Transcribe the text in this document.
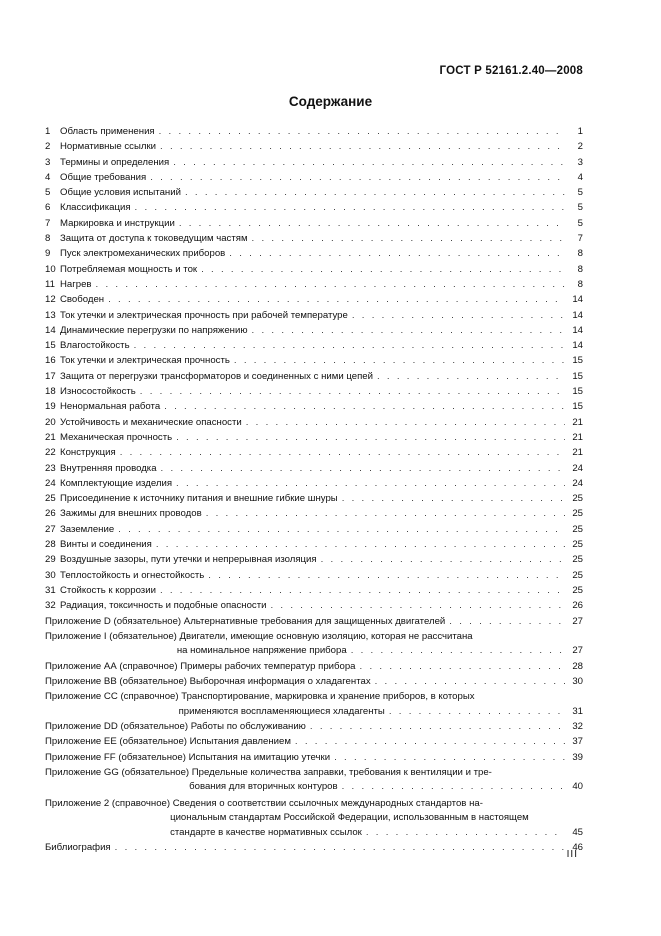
ГОСТ Р 52161.2.40—2008
Содержание
1	Область применения . . .	1
2	Нормативные ссылки . . .	2
3	Термины и определения . . .	3
4	Общие требования . . .	4
5	Общие условия испытаний . . .	5
6	Классификация . . .	5
7	Маркировка и инструкции . . .	5
8	Защита от доступа к токоведущим частям . . .	7
9	Пуск электромеханических приборов . . .	8
10 Потребляемая мощность и ток . . .	8
11 Нагрев . . .	8
12 Свободен . . .	14
13 Ток утечки и электрическая прочность при рабочей температуре . . .	14
14 Динамические перегрузки по напряжению . . .	14
15 Влагостойкость . . .	14
16 Ток утечки и электрическая прочность . . .	15
17 Защита от перегрузки трансформаторов и соединенных с ними цепей . . .	15
18 Износостойкость . . .	15
19 Ненормальная работа . . .	15
20 Устойчивость и механические опасности . . .	21
21 Механическая прочность . . .	21
22 Конструкция . . .	21
23 Внутренняя проводка . . .	24
24 Комплектующие изделия . . .	24
25 Присоединение к источнику питания и внешние гибкие шнуры . . .	25
26 Зажимы для внешних проводов . . .	25
27 Заземление . . .	25
28 Винты и соединения . . .	25
29 Воздушные зазоры, пути утечки и непрерывная изоляция . . .	25
30 Теплостойкость и огнестойкость . . .	25
31 Стойкость к коррозии . . .	25
32 Радиация, токсичность и подобные опасности . . .	26
Приложение D (обязательное) Альтернативные требования для защищенных двигателей . . .	27
Приложение I (обязательное) Двигатели, имеющие основную изоляцию, которая не рассчитана
на номинальное напряжение прибора . . .	27
Приложение АА (справочное) Примеры рабочих температур прибора . . .	28
Приложение ВВ (обязательное) Выборочная информация о хладагентах . . .	30
Приложение СС (справочное) Транспортирование, маркировка и хранение приборов, в которых
применяются воспламеняющиеся хладагенты . . .	31
Приложение DD (обязательное) Работы по обслуживанию . . .	32
Приложение ЕЕ (обязательное) Испытания давлением . . .	37
Приложение FF (обязательное) Испытания на имитацию утечки . . .	39
Приложение GG (обязательное) Предельные количества заправки, требования к вентиляции и тре-
бования для вторичных контуров . . .	40
Приложение 2 (справочное) Сведения о соответствии ссылочных международных стандартов на-
циональным стандартам Российской Федерации, использованным в настоящем
стандарте в качестве нормативных ссылок . . .	45
Библиография . . .	46
III
